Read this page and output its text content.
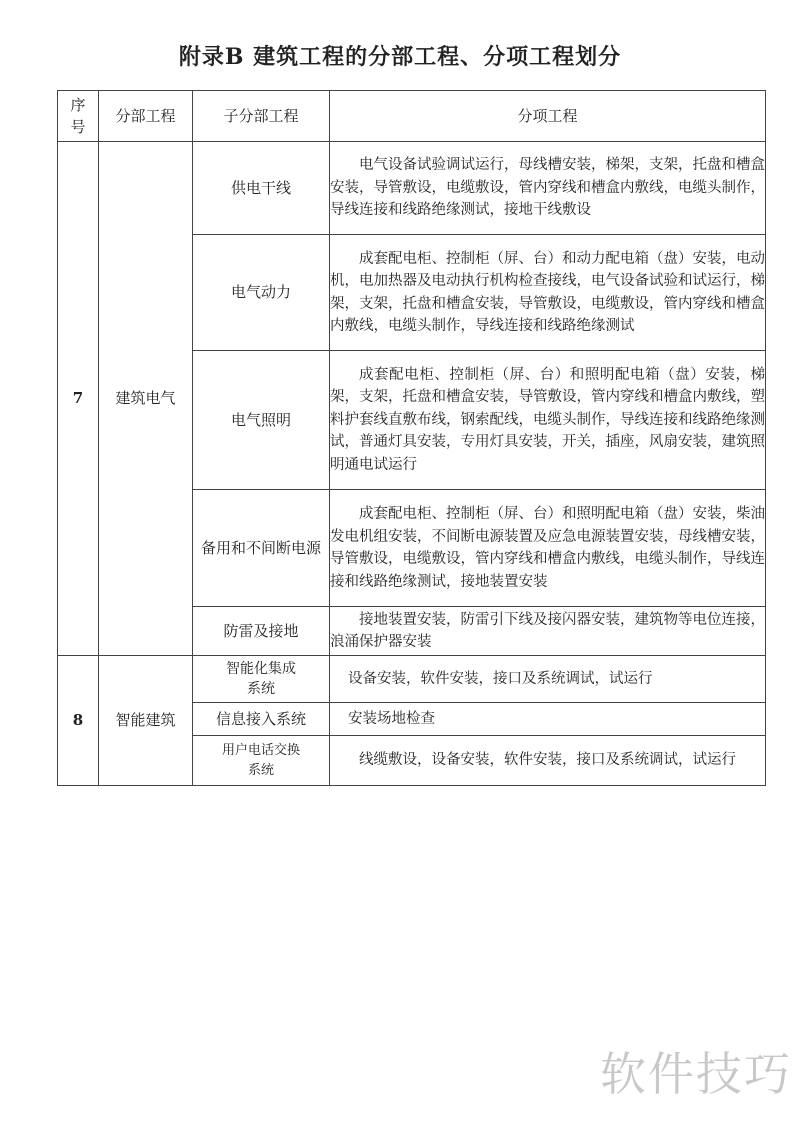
附录B 建筑工程的分部工程、分项工程划分
序号	分部工程	子分部工程	分项工程
7	建筑电气	供电干线	电气设备试验调试运行，母线槽安装，梯架，支架，托盘和槽盒安装，导管敷设，电缆敷设，管内穿线和槽盒内敷线，电缆头制作，导线连接和线路绝缘测试，接地干线敷设

		电气动力	成套配电柜、控制柜（屏、台）和动力配电箱（盘）安装，电动机，电加热器及电动执行机构检查接线，电气设备试验和试运行，梯架，支架，托盘和槽盒安装，导管敷设，电缆敷设，管内穿线和槽盒内敷线，电缆头制作，导线连接和线路绝缘测试

		电气照明	成套配电柜、控制柜（屏、台）和照明配电箱（盘）安装，梯架，支架，托盘和槽盒安装，导管敷设，管内穿线和槽盒内敷线，塑料护套线直敷布线，钢索配线，电缆头制作，导线连接和线路绝缘测试，普通灯具安装，专用灯具安装，开关，插座，风扇安装，建筑照明通电试运行

		备用和不间断电源	成套配电柜、控制柜（屏、台）和照明配电箱（盘）安装，柴油发电机组安装，不间断电源装置及应急电源装置安装，母线槽安装，导管敷设，电缆敷设，管内穿线和槽盒内敷线，电缆头制作，导线连接和线路绝缘测试，接地装置安装

		防雷及接地	接地装置安装，防雷引下线及接闪器安装，建筑物等电位连接，浪涌保护器安装

8	智能建筑	智能化集成系统	设备安装，软件安装，接口及系统调试，试运行
		信息接入系统	安装场地检查
		用户电话交换系统	线缆敷设，设备安装，软件安装，接口及系统调试，试运行
软件技巧
